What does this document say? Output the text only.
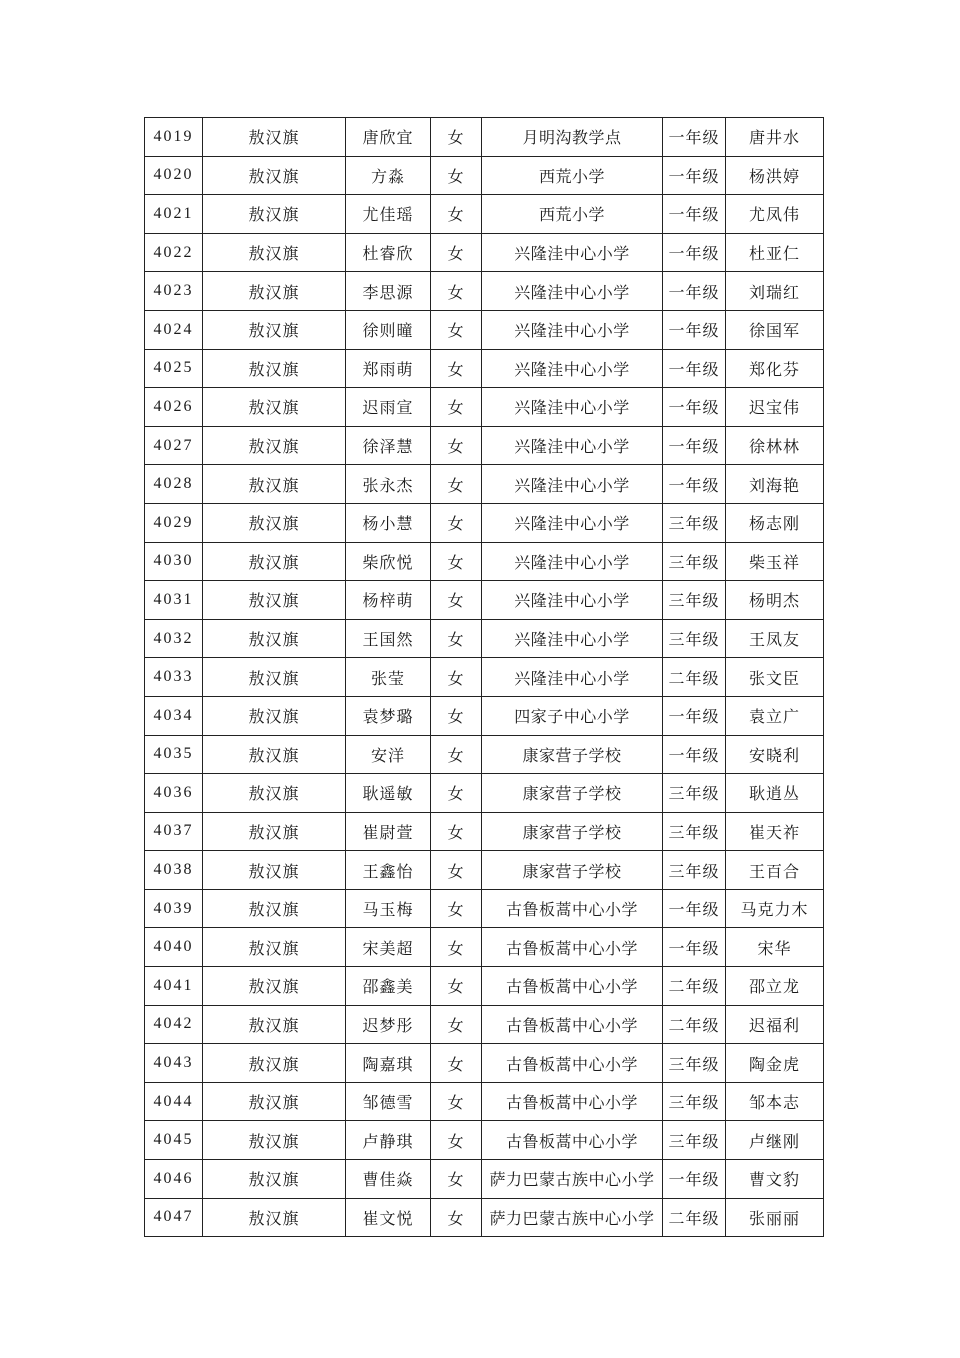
4019	敖汉旗	唐欣宜	女	月明沟教学点	一年级	唐井水
4020	敖汉旗	方淼	女	西荒小学	一年级	杨洪婷
4021	敖汉旗	尤佳瑶	女	西荒小学	一年级	尤凤伟
4022	敖汉旗	杜睿欣	女	兴隆洼中心小学	一年级	杜亚仁
4023	敖汉旗	李思源	女	兴隆洼中心小学	一年级	刘瑞红
4024	敖汉旗	徐则曈	女	兴隆洼中心小学	一年级	徐国军
4025	敖汉旗	郑雨萌	女	兴隆洼中心小学	一年级	郑化芬
4026	敖汉旗	迟雨宣	女	兴隆洼中心小学	一年级	迟宝伟
4027	敖汉旗	徐泽慧	女	兴隆洼中心小学	一年级	徐林林
4028	敖汉旗	张永杰	女	兴隆洼中心小学	一年级	刘海艳
4029	敖汉旗	杨小慧	女	兴隆洼中心小学	三年级	杨志刚
4030	敖汉旗	柴欣悦	女	兴隆洼中心小学	三年级	柴玉祥
4031	敖汉旗	杨梓萌	女	兴隆洼中心小学	三年级	杨明杰
4032	敖汉旗	王国然	女	兴隆洼中心小学	三年级	王凤友
4033	敖汉旗	张莹	女	兴隆洼中心小学	二年级	张文臣
4034	敖汉旗	袁梦璐	女	四家子中心小学	一年级	袁立广
4035	敖汉旗	安洋	女	康家营子学校	一年级	安晓利
4036	敖汉旗	耿遥敏	女	康家营子学校	三年级	耿逍丛
4037	敖汉旗	崔尉萱	女	康家营子学校	三年级	崔天祚
4038	敖汉旗	王鑫怡	女	康家营子学校	三年级	王百合
4039	敖汉旗	马玉梅	女	古鲁板蒿中心小学	一年级	马克力木
4040	敖汉旗	宋美超	女	古鲁板蒿中心小学	一年级	宋华
4041	敖汉旗	邵鑫美	女	古鲁板蒿中心小学	二年级	邵立龙
4042	敖汉旗	迟梦彤	女	古鲁板蒿中心小学	二年级	迟福利
4043	敖汉旗	陶嘉琪	女	古鲁板蒿中心小学	三年级	陶金虎
4044	敖汉旗	邹德雪	女	古鲁板蒿中心小学	三年级	邹本志
4045	敖汉旗	卢静琪	女	古鲁板蒿中心小学	三年级	卢继刚
4046	敖汉旗	曹佳焱	女	萨力巴蒙古族中心小学	一年级	曹文豹
4047	敖汉旗	崔文悦	女	萨力巴蒙古族中心小学	二年级	张丽丽
